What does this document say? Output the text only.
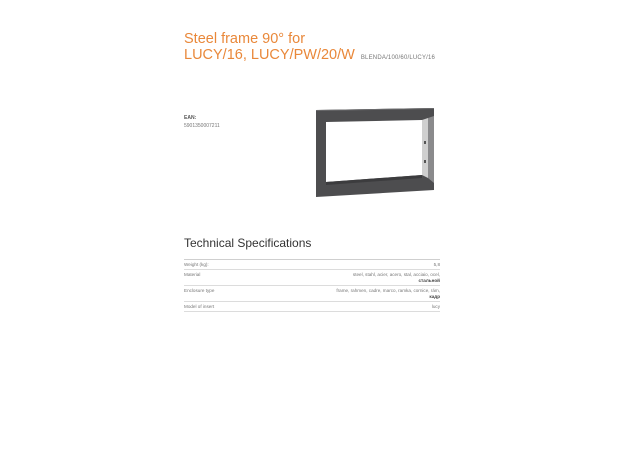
Steel frame 90° for
LUCY/16, LUCY/PW/20/W BLENDA/100/60/LUCY/16
EAN:
5901350007211
Technical Specifications
Weight (kg):	5,8
Material	steel, stahl, acier, acero, stal, acciaio, ocel,
стальной
Enclosure type	frame, rahmen, cadre, marco, ramka, cornice, rám,
кадр
Model of insert	lucy
